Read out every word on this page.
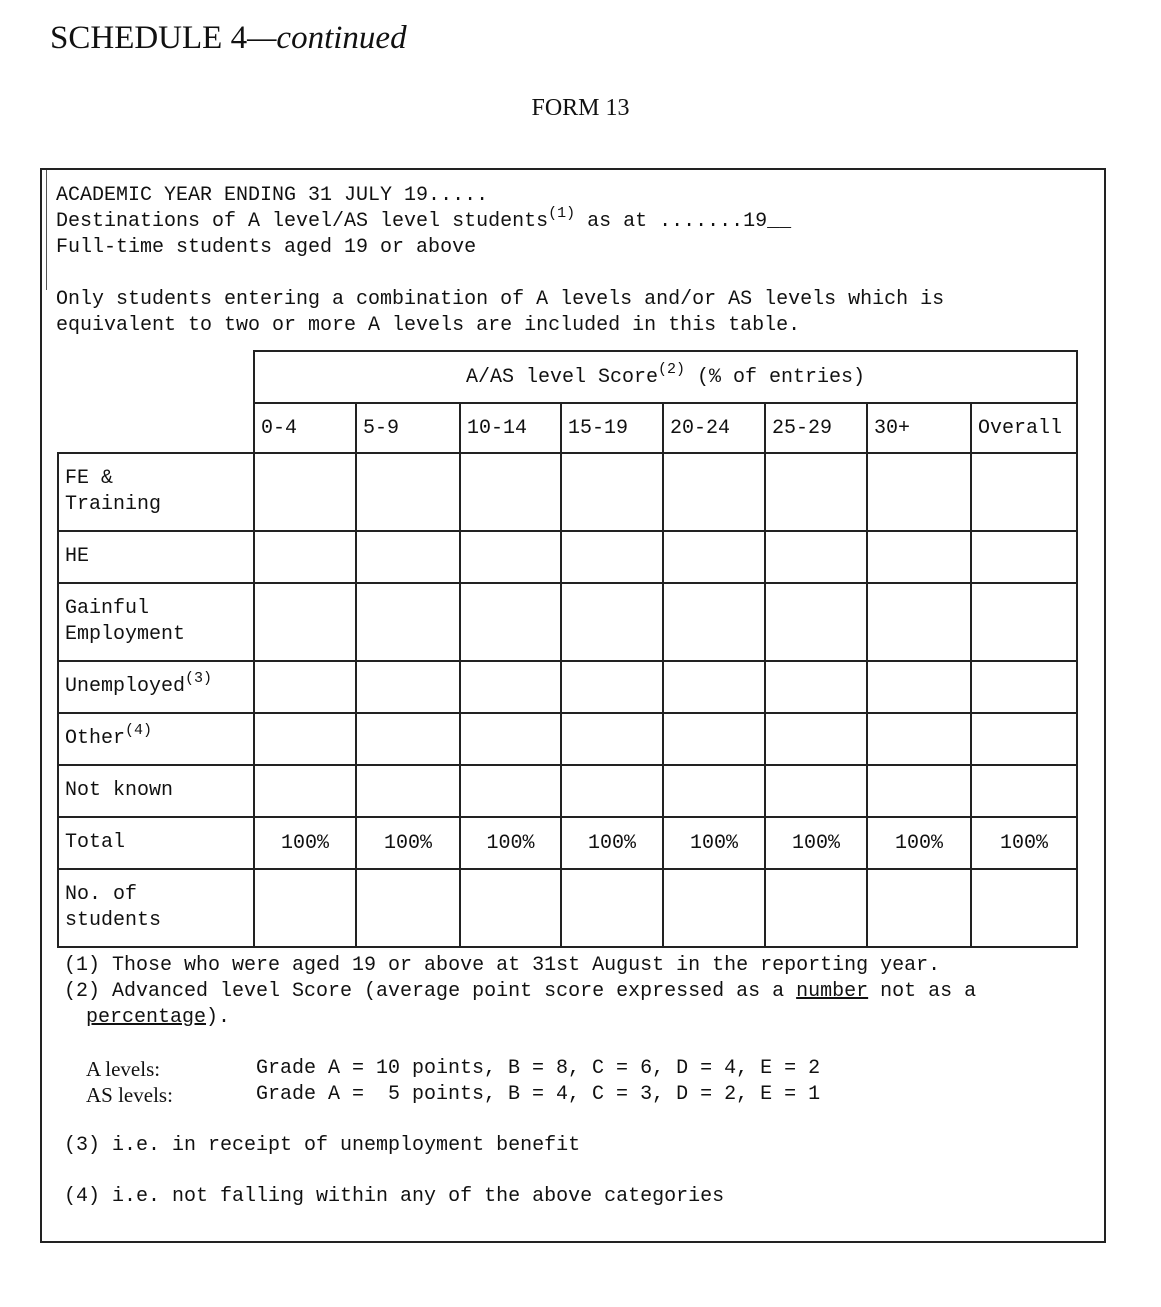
SCHEDULE 4—continued
FORM 13
ACADEMIC YEAR ENDING 31 JULY 19.....
Destinations of A level/AS level students$^{(1)}$ as at .......19__
Full-time students aged 19 or above
Only students entering a combination of A levels and/or AS levels which is
equivalent to two or more A levels are included in this table.
	A/AS level Score$^{(2)}$ (% of entries)							
	0-4	5-9	10-14	15-19	20-24	25-29	30+	Overall
FE &
Training								
HE								
Gainful
Employment								
Unemployed$^{(3)}$								
Other$^{(4)}$								
Not known								
Total	100%	100%	100%	100%	100%	100%	100%	100%
No. of
students								
(1) Those who were aged 19 or above at 31st August in the reporting year.
(2) Advanced level Score (average point score expressed as a number not as a
percentage).
A levels:	Grade A = 10 points, B = 8, C = 6, D = 4, E = 2
AS levels:	Grade A =  5 points, B = 4, C = 3, D = 2, E = 1
(3) i.e. in receipt of unemployment benefit
(4) i.e. not falling within any of the above categories
